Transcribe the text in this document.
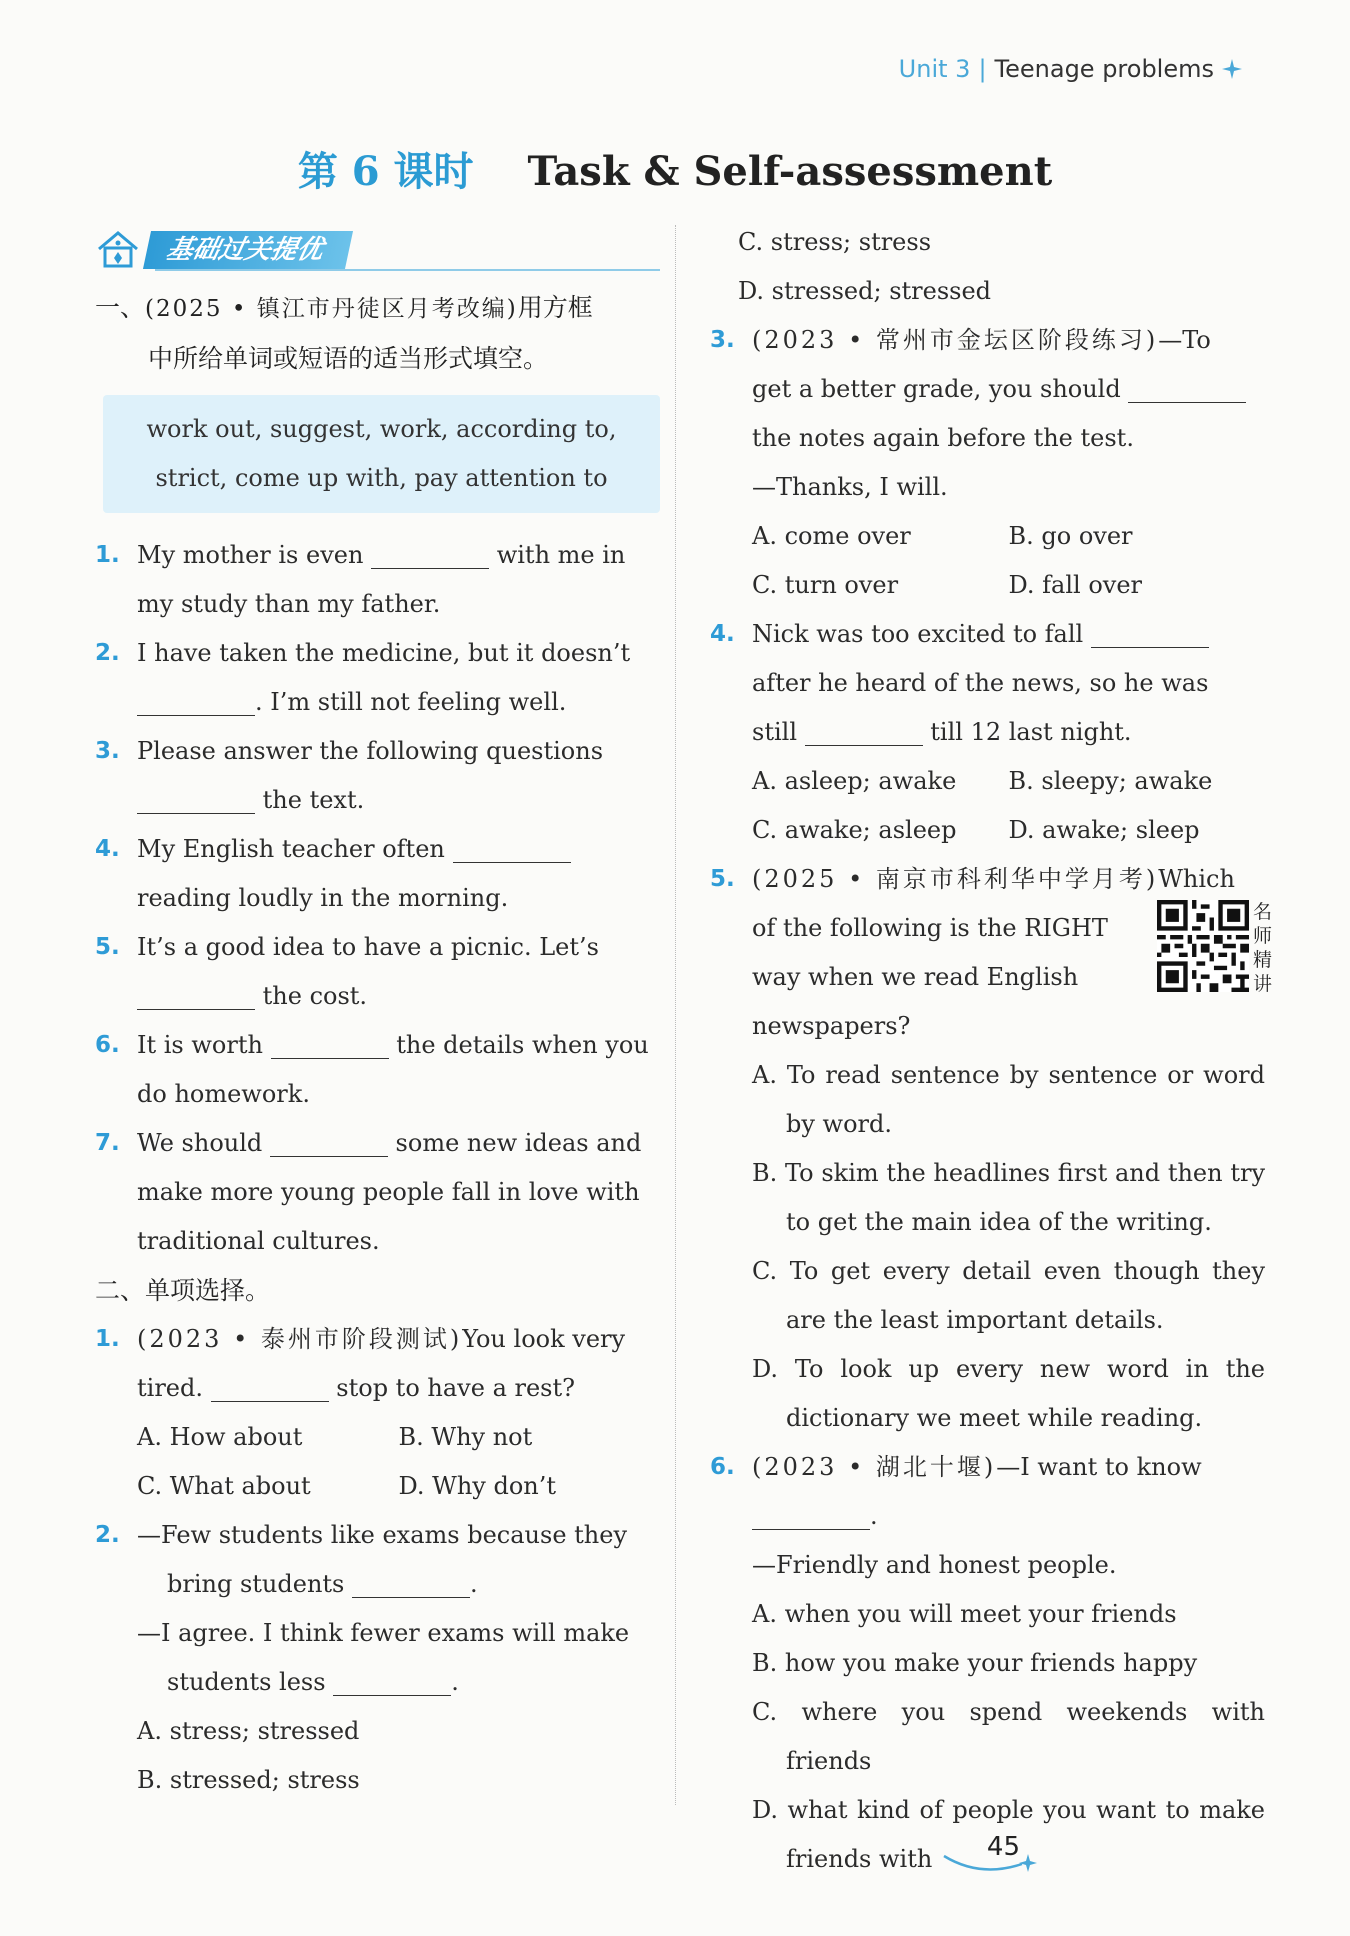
Unit 3 | Teenage problems
第 6 课时 Task & Self-assessment
基础过关提优
一、(2025 • 镇江市丹徒区月考改编)用方框
中所给单词或短语的适当形式填空。
work out, suggest, work, according to,
strict, come up with, pay attention to
1. My mother is even	with me in
my study than my father.
2. I have taken the medicine, but it doesn’t
. I’m still not feeling well.
3. Please answer the following questions
the text.
4. My English teacher often
reading loudly in the morning.
5. It’s a good idea to have a picnic. Let’s
the cost.
6. It is worth	the details when you
do homework.
7. We should	some new ideas and
make more young people fall in love with
traditional cultures.
二、单项选择。
1. (2023 • 泰州市阶段测试)You look very
tired.	stop to have a rest?
A. How about	B. Why not
C. What about	D. Why don’t
2. —Few students like exams because they
bring students	.
—I agree. I think fewer exams will make
students less	.
A. stress; stressed
B. stressed; stress
C. stress; stress
D. stressed; stressed
3. (2023 • 常州市金坛区阶段练习)—To
get a better grade, you should
the notes again before the test.
—Thanks, I will.
A. come over	B. go over
C. turn over	D. fall over
4. Nick was too excited to fall
after he heard of the news, so he was
still	till 12 last night.
A. asleep; awake	B. sleepy; awake
C. awake; asleep	D. awake; sleep
5. (2025 • 南京市科利华中学月考)Which

of the following is the RIGHT
way when we read English
名师精讲
newspapers?
A. To read sentence by sentence or word by word.
B. To skim the headlines first and then try to get the main idea of the writing.
C. To get every detail even though they are the least important details.
D. To look up every new word in the dictionary we meet while reading.
6. (2023 • 湖北十堰)—I want to know
.
—Friendly and honest people.
A. when you will meet your friends
B. how you make your friends happy
C. where you spend weekends with friends
D. what kind of people you want to make friends with	45
